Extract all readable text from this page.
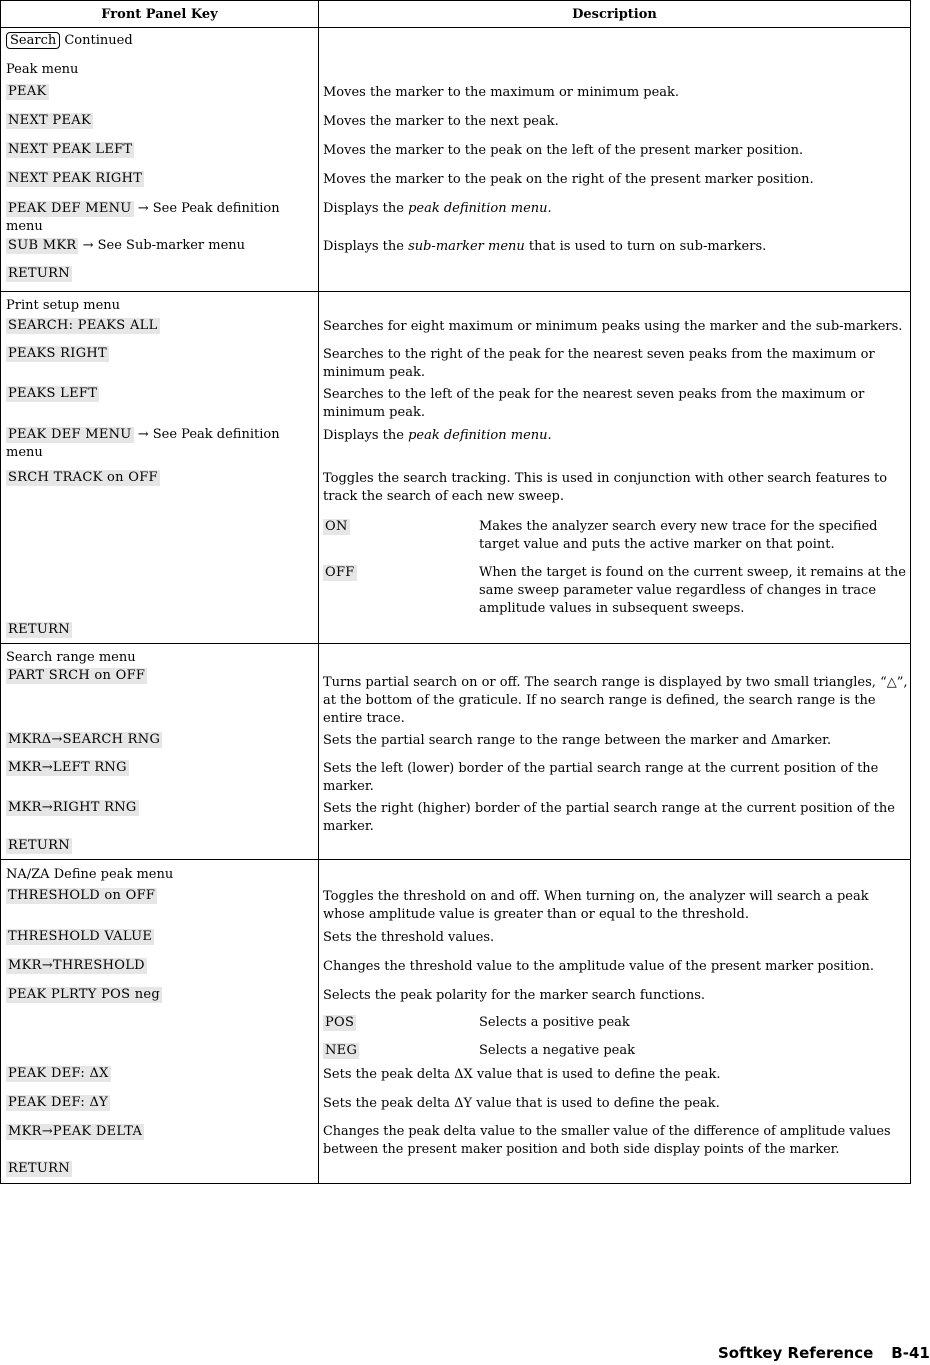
Front Panel Key	Description
Search Continued	
Peak menu	
PEAK	Moves the marker to the maximum or minimum peak.
NEXT PEAK	Moves the marker to the next peak.
NEXT PEAK LEFT	Moves the marker to the peak on the left of the present marker position.
NEXT PEAK RIGHT	Moves the marker to the peak on the right of the present marker position.
PEAK DEF MENU → See Peak definition menu	Displays the peak definition menu.
SUB MKR → See Sub-marker menu	Displays the sub-marker menu that is used to turn on sub-markers.
RETURN	
Print setup menu	
SEARCH: PEAKS ALL	Searches for eight maximum or minimum peaks using the marker and the sub-markers.
PEAKS RIGHT	Searches to the right of the peak for the nearest seven peaks from the maximum or minimum peak.
PEAKS LEFT	Searches to the left of the peak for the nearest seven peaks from the maximum or minimum peak.
PEAK DEF MENU → See Peak definition menu	Displays the peak definition menu.
SRCH TRACK on OFF	Toggles the search tracking. This is used in conjunction with other search features to track the search of each new sweep.
ON Makes the analyzer search every new trace for the specified target value and puts the active marker on that point.
OFF When the target is found on the current sweep, it remains at the same sweep parameter value regardless of changes in trace amplitude values in subsequent sweeps.

RETURN	
Search range menu	
PART SRCH on OFF	Turns partial search on or off. The search range is displayed by two small triangles, “△”, at the bottom of the graticule. If no search range is defined, the search range is the entire trace.
MKRΔ→SEARCH RNG	Sets the partial search range to the range between the marker and Δmarker.
MKR→LEFT RNG	Sets the left (lower) border of the partial search range at the current position of the marker.
MKR→RIGHT RNG	Sets the right (higher) border of the partial search range at the current position of the marker.
RETURN	
NA/ZA Define peak menu	
THRESHOLD on OFF	Toggles the threshold on and off. When turning on, the analyzer will search a peak whose amplitude value is greater than or equal to the threshold.
THRESHOLD VALUE	Sets the threshold values.
MKR→THRESHOLD	Changes the threshold value to the amplitude value of the present marker position.
PEAK PLRTY POS neg	Selects the peak polarity for the marker search functions.
POS Selects a positive peak
NEG Selects a negative peak

PEAK DEF: ΔX	Sets the peak delta ΔX value that is used to define the peak.
PEAK DEF: ΔY	Sets the peak delta ΔY value that is used to define the peak.
MKR→PEAK DELTA	Changes the peak delta value to the smaller value of the difference of amplitude values between the present maker position and both side display points of the marker.
RETURN	
Softkey Reference B-41
